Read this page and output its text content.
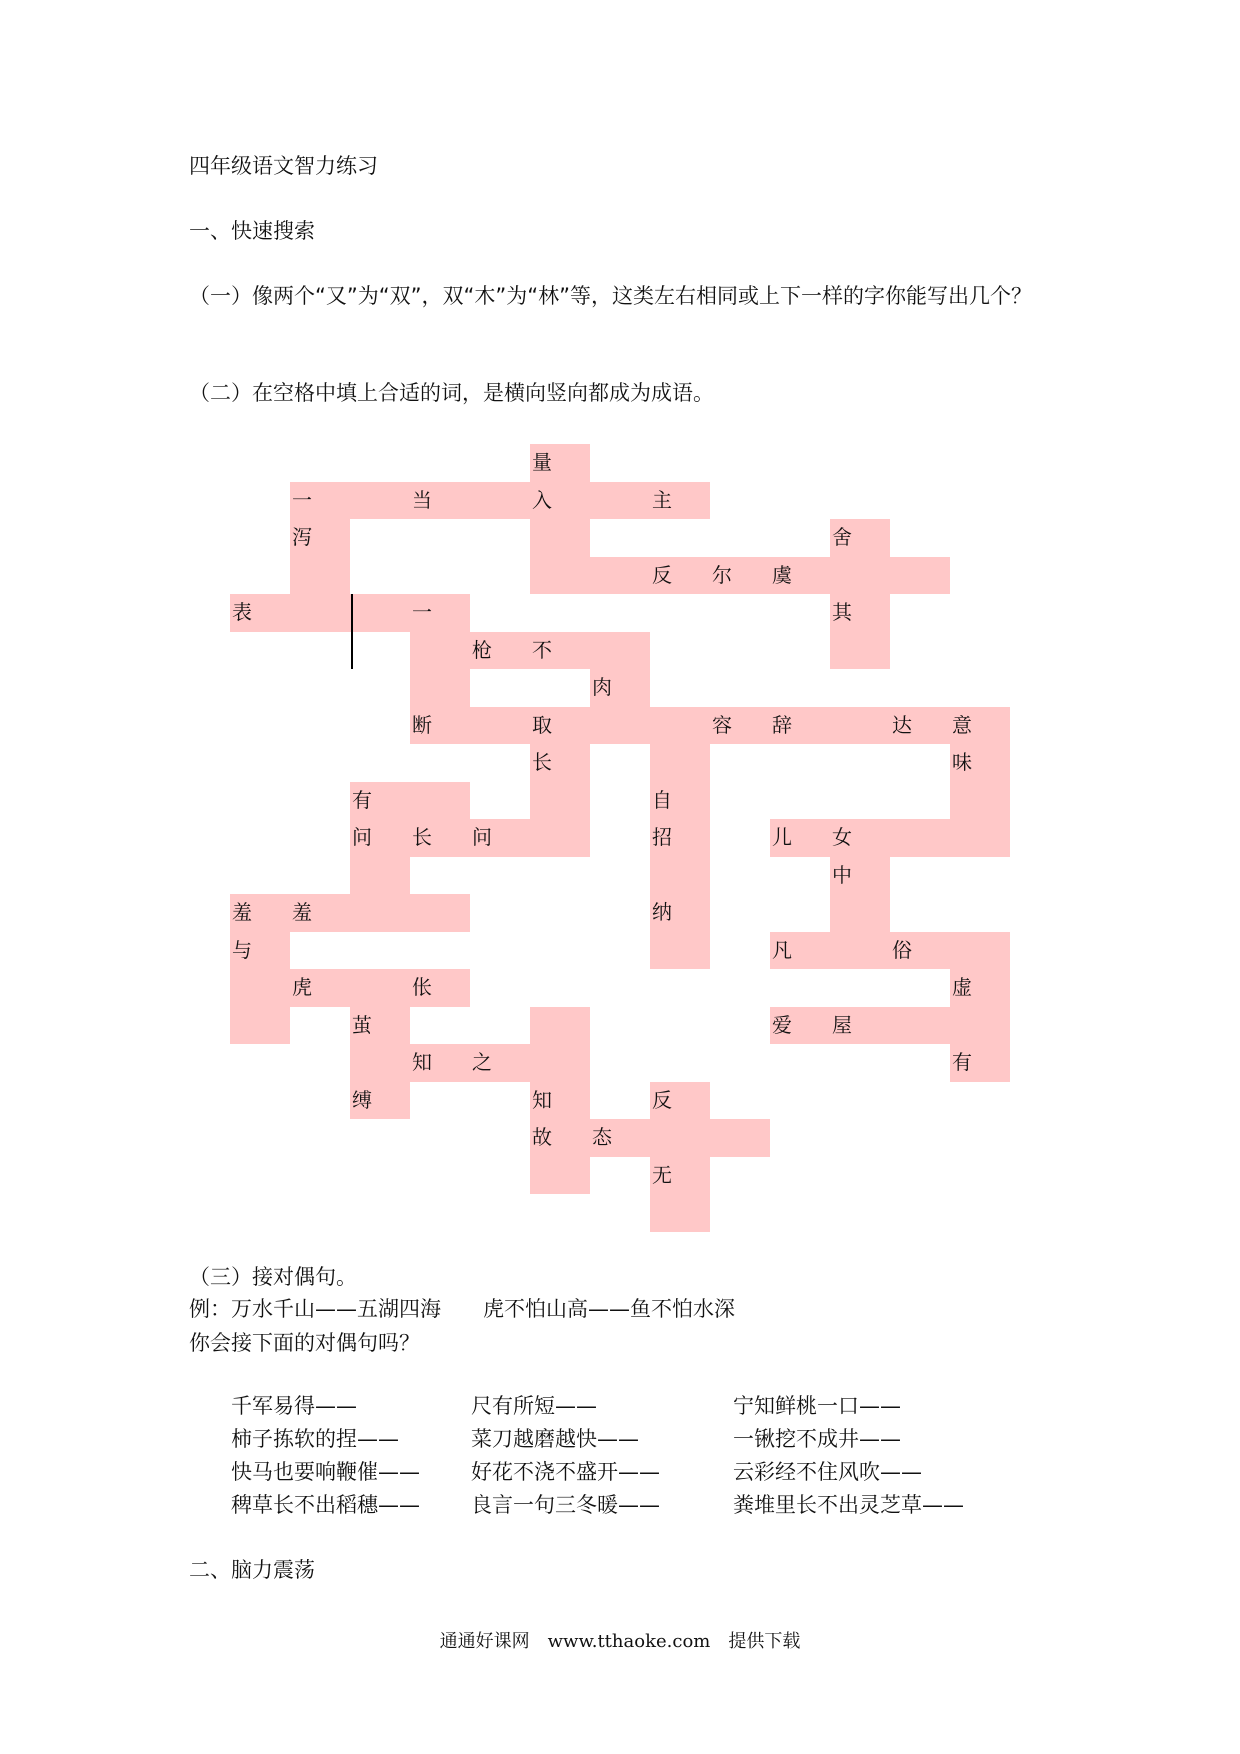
四年级语文智力练习
一、快速搜索
（一）像两个“又”为“双”，双“木”为“林”等，这类左右相同或上下一样的字你能写出几个？
（二）在空格中填上合适的词，是横向竖向都成为成语。
量
一	当	入	主
泻	舍
反 尔 虞
表	一	其
枪 不
肉
断	取	容 辞	达 意
长	味
有	自
问 长 问	招	儿 女
中
羞 羞	纳
与	凡	俗
虎	伥	虚
茧	爱 屋
知 之	有
缚	知	反
故 态
无
（三）接对偶句。
例：万水千山——五湖四海　　虎不怕山高——鱼不怕水深
你会接下面的对偶句吗？
千军易得——	尺有所短——	宁知鲜桃一口——
柿子拣软的捏——	菜刀越磨越快——	一锹挖不成井——
快马也要响鞭催—— 好花不浇不盛开——	云彩经不住风吹——
稗草长不出稻穗—— 良言一句三冬暖——	粪堆里长不出灵芝草——
二、脑力震荡
通通好课网　www.tthaoke.com　提供下载
